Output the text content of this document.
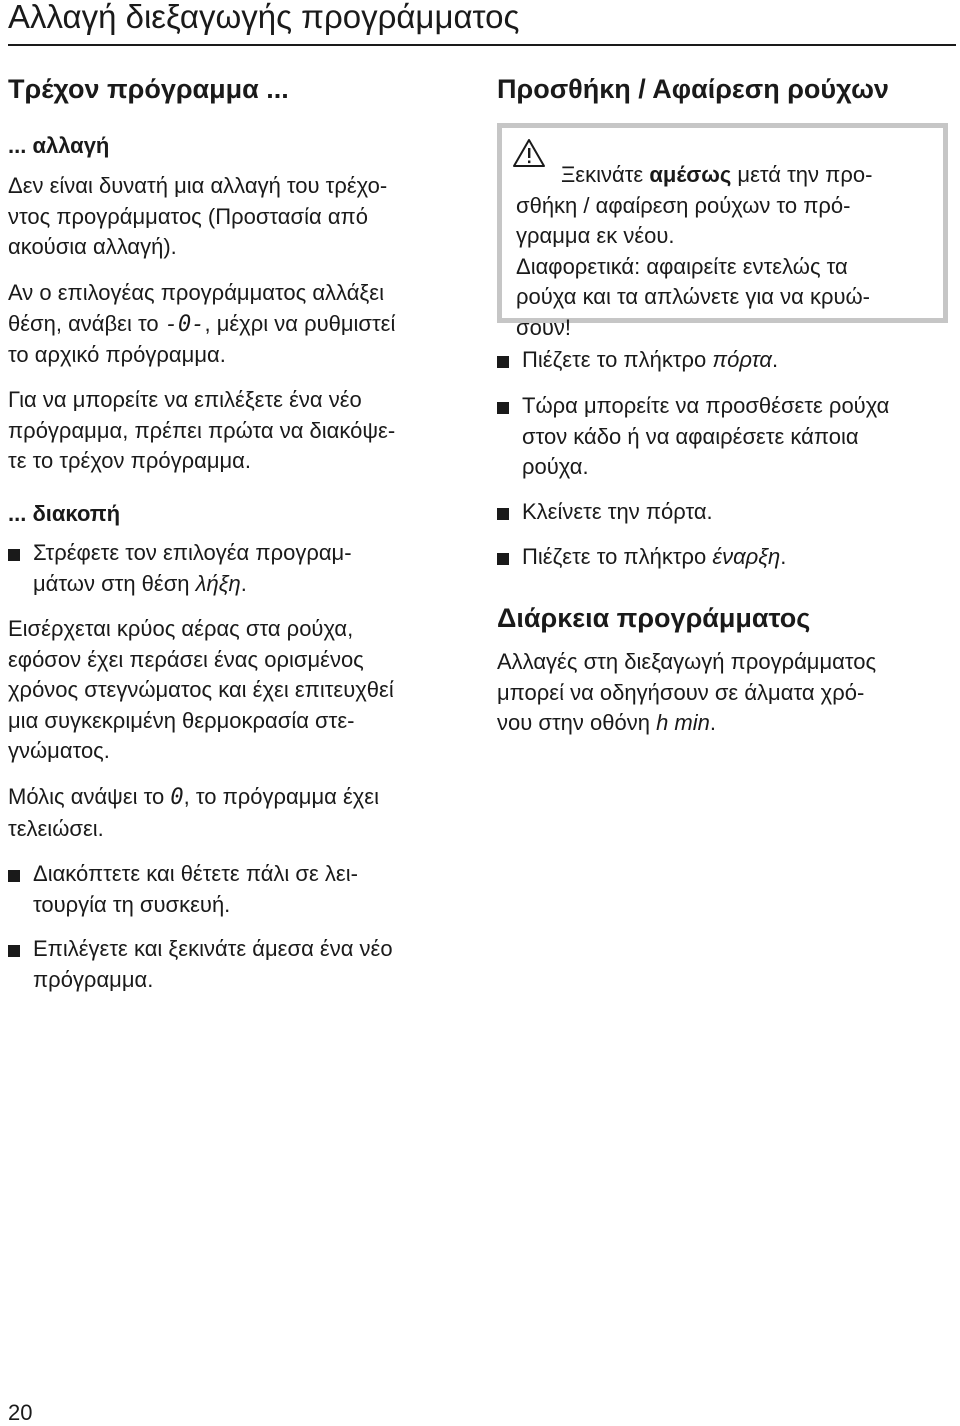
Αλλαγή διεξαγωγής προγράμματος
Τρέχον πρόγραμμα ...
... αλλαγή

Δεν είναι δυνατή μια αλλαγή του τρέχο-
ντος προγράμματος (Προστασία από
ακούσια αλλαγή).

Αν ο επιλογέας προγράμματος αλλάξει
θέση, ανάβει το -0-, μέχρι να ρυθμιστεί
το αρχικό πρόγραμμα.

Για να μπορείτε να επιλέξετε ένα νέο
πρόγραμμα, πρέπει πρώτα να διακόψε-
τε το τρέχον πρόγραμμα.

... διακοπή
Στρέφετε τον επιλογέα προγραμ-
μάτων στη θέση λήξη.

Εισέρχεται κρύος αέρας στα ρούχα,
εφόσον έχει περάσει ένας ορισμένος
χρόνος στεγνώματος και έχει επιτευχθεί
μια συγκεκριμένη θερμοκρασία στε-
γνώματος.

Μόλις ανάψει το 0, το πρόγραμμα έχει
τελειώσει.

Διακόπτετε και θέτετε πάλι σε λει-
τουργία τη συσκευή.
Επιλέγετε και ξεκινάτε άμεσα ένα νέο
πρόγραμμα.
Προσθήκη / Αφαίρεση ρούχων

Ξεκινάτε αμέσως μετά την προ-
σθήκη / αφαίρεση ρούχων το πρό-
γραμμα εκ νέου.
Διαφορετικά: αφαιρείτε εντελώς τα
ρούχα και τα απλώνετε για να κρυώ-
σουν!

Πιέζετε το πλήκτρο πόρτα.
Τώρα μπορείτε να προσθέσετε ρούχα
στον κάδο ή να αφαιρέσετε κάποια
ρούχα.
Κλείνετε την πόρτα.
Πιέζετε το πλήκτρο έναρξη.
Διάρκεια προγράμματος

Αλλαγές στη διεξαγωγή προγράμματος
μπορεί να οδηγήσουν σε άλματα χρό-
νου στην οθόνη h min.

20
